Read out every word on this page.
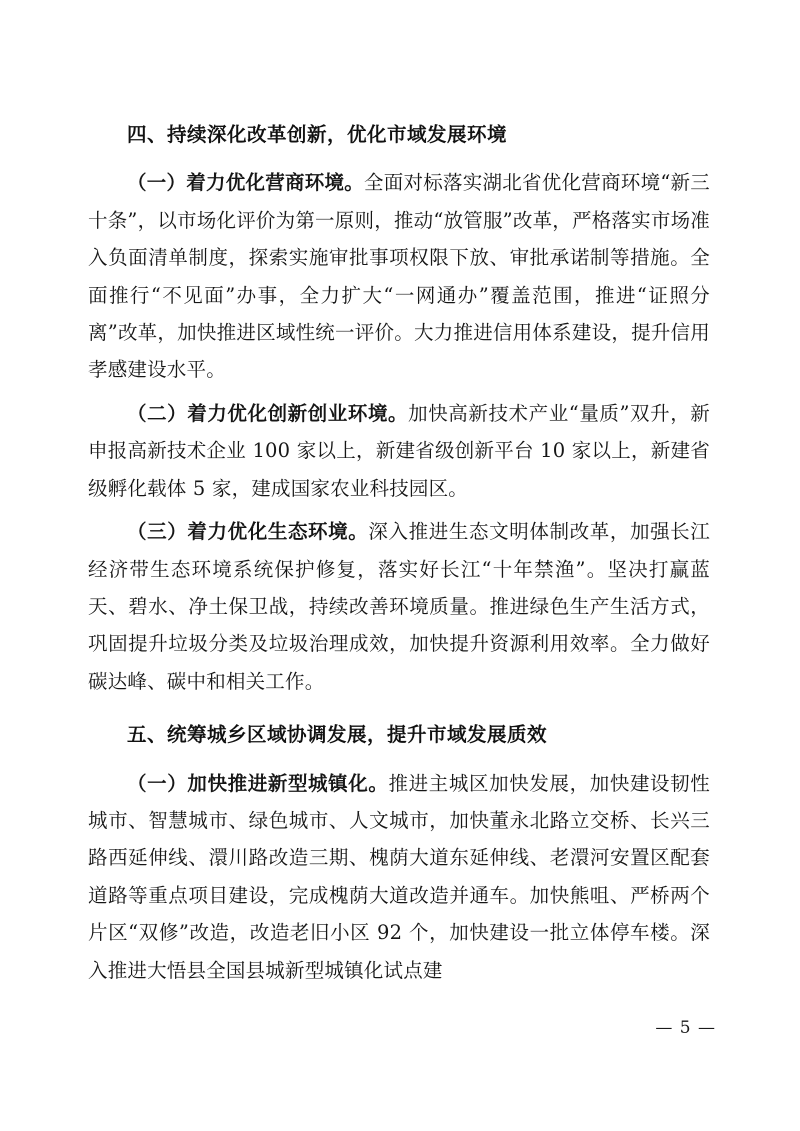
四、持续深化改革创新，优化市域发展环境

（一）着力优化营商环境。全面对标落实湖北省优化营商环境“新三十条”，以市场化评价为第一原则，推动“放管服”改革，严格落实市场准入负面清单制度，探索实施审批事项权限下放、审批承诺制等措施。全面推行“不见面”办事，全力扩大“一网通办”覆盖范围，推进“证照分离”改革，加快推进区域性统一评价。大力推进信用体系建设，提升信用孝感建设水平。

（二）着力优化创新创业环境。加快高新技术产业“量质”双升，新申报高新技术企业 100 家以上，新建省级创新平台 10 家以上，新建省级孵化载体 5 家，建成国家农业科技园区。

（三）着力优化生态环境。深入推进生态文明体制改革，加强长江经济带生态环境系统保护修复，落实好长江“十年禁渔”。坚决打赢蓝天、碧水、净土保卫战，持续改善环境质量。推进绿色生产生活方式，巩固提升垃圾分类及垃圾治理成效，加快提升资源利用效率。全力做好碳达峰、碳中和相关工作。

五、统筹城乡区域协调发展，提升市域发展质效

（一）加快推进新型城镇化。推进主城区加快发展，加快建设韧性城市、智慧城市、绿色城市、人文城市，加快董永北路立交桥、长兴三路西延伸线、澴川路改造三期、槐荫大道东延伸线、老澴河安置区配套道路等重点项目建设，完成槐荫大道改造并通车。加快熊咀、严桥两个片区“双修”改造，改造老旧小区 92 个，加快建设一批立体停车楼。深入推进大悟县全国县城新型城镇化试点建

— 5 —
